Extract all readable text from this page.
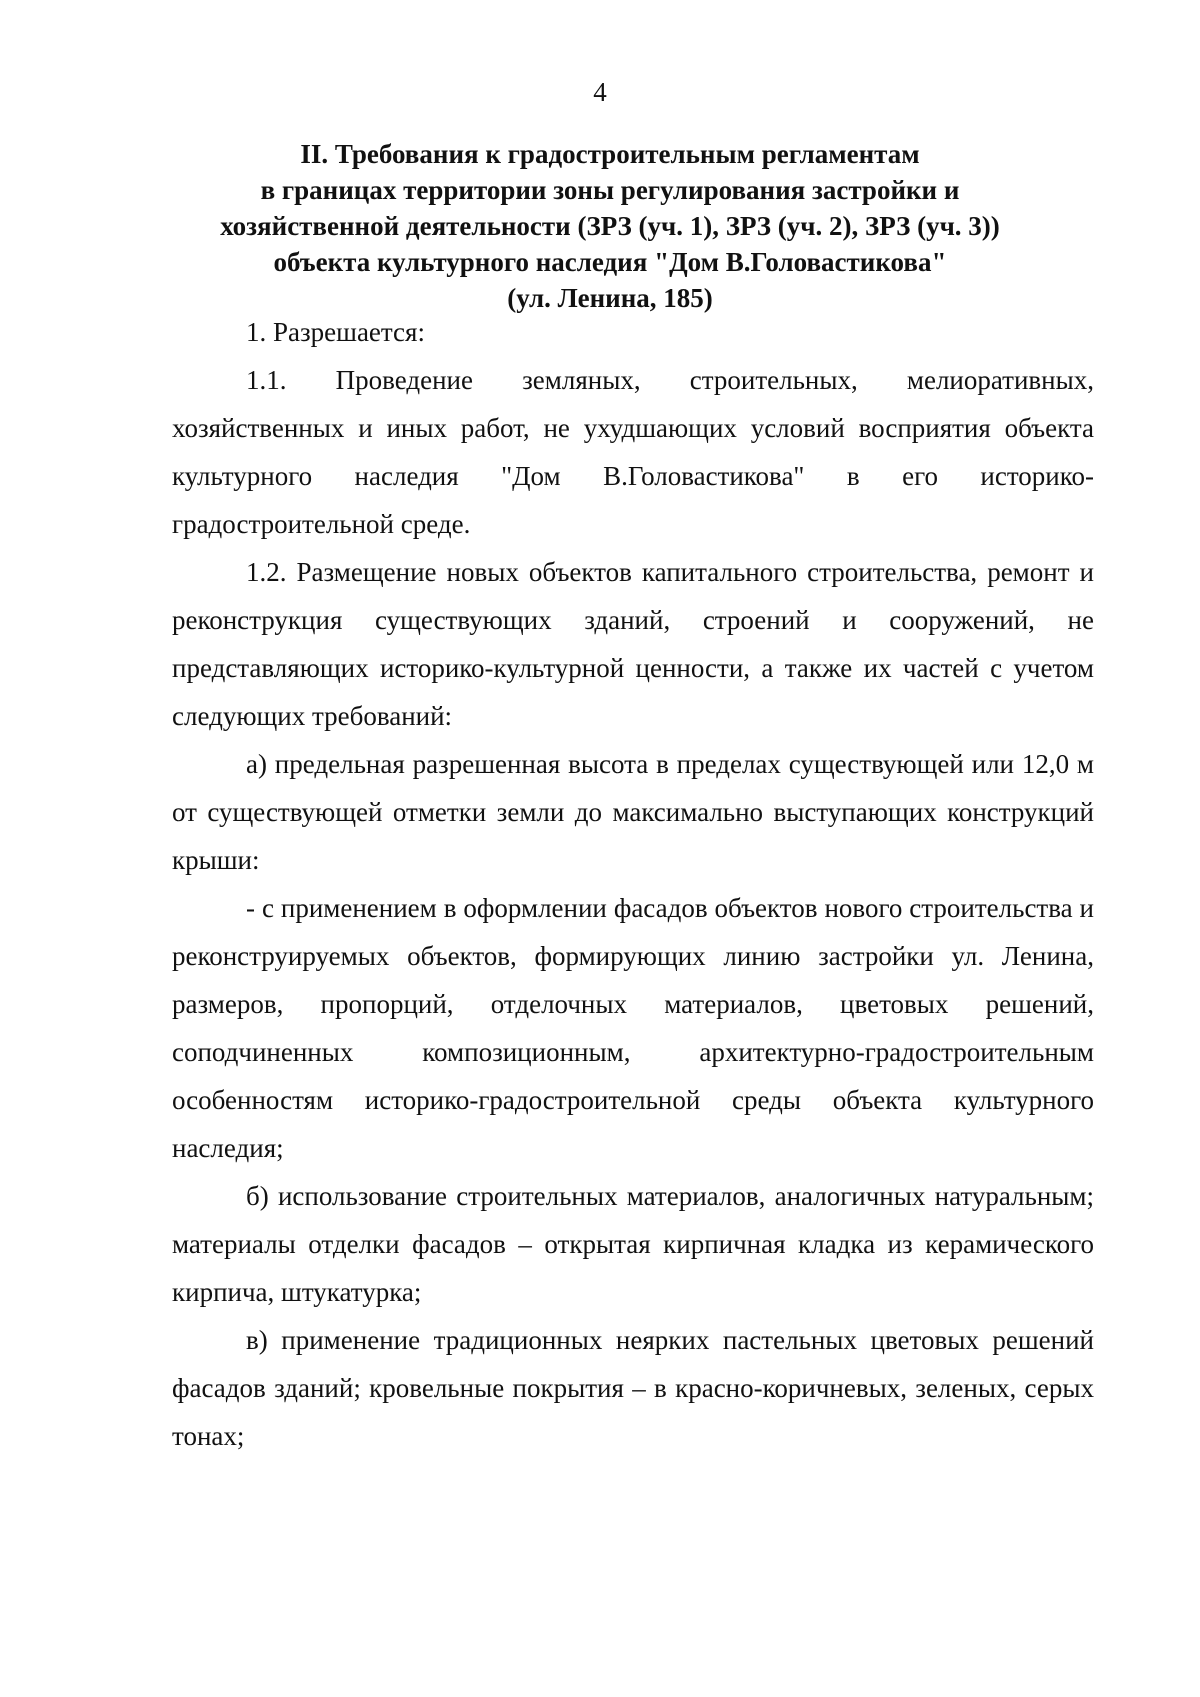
4
II. Требования к градостроительным регламентам
в границах территории зоны регулирования застройки и
хозяйственной деятельности (ЗРЗ (уч. 1), ЗРЗ (уч. 2), ЗРЗ (уч. 3))
объекта культурного наследия "Дом В.Головастикова"
(ул. Ленина, 185)

1. Разрешается:

1.1. Проведение земляных, строительных, мелиоративных, хозяйственных и иных работ, не ухудшающих условий восприятия объекта культурного наследия "Дом В.Головастикова" в его историко-градостроительной среде.

1.2. Размещение новых объектов капитального строительства, ремонт и реконструкция существующих зданий, строений и сооружений, не представляющих историко-культурной ценности, а также их частей с учетом следующих требований:

а) предельная разрешенная высота в пределах существующей или 12,0 м от существующей отметки земли до максимально выступающих конструкций крыши:

- с применением в оформлении фасадов объектов нового строительства и реконструируемых объектов, формирующих линию застройки ул. Ленина, размеров, пропорций, отделочных материалов, цветовых решений, соподчиненных композиционным, архитектурно-градостроительным особенностям историко-градостроительной среды объекта культурного наследия;

б) использование строительных материалов, аналогичных натуральным; материалы отделки фасадов – открытая кирпичная кладка из керамического кирпича, штукатурка;

в) применение традиционных неярких пастельных цветовых решений фасадов зданий; кровельные покрытия – в красно-коричневых, зеленых, серых тонах;
